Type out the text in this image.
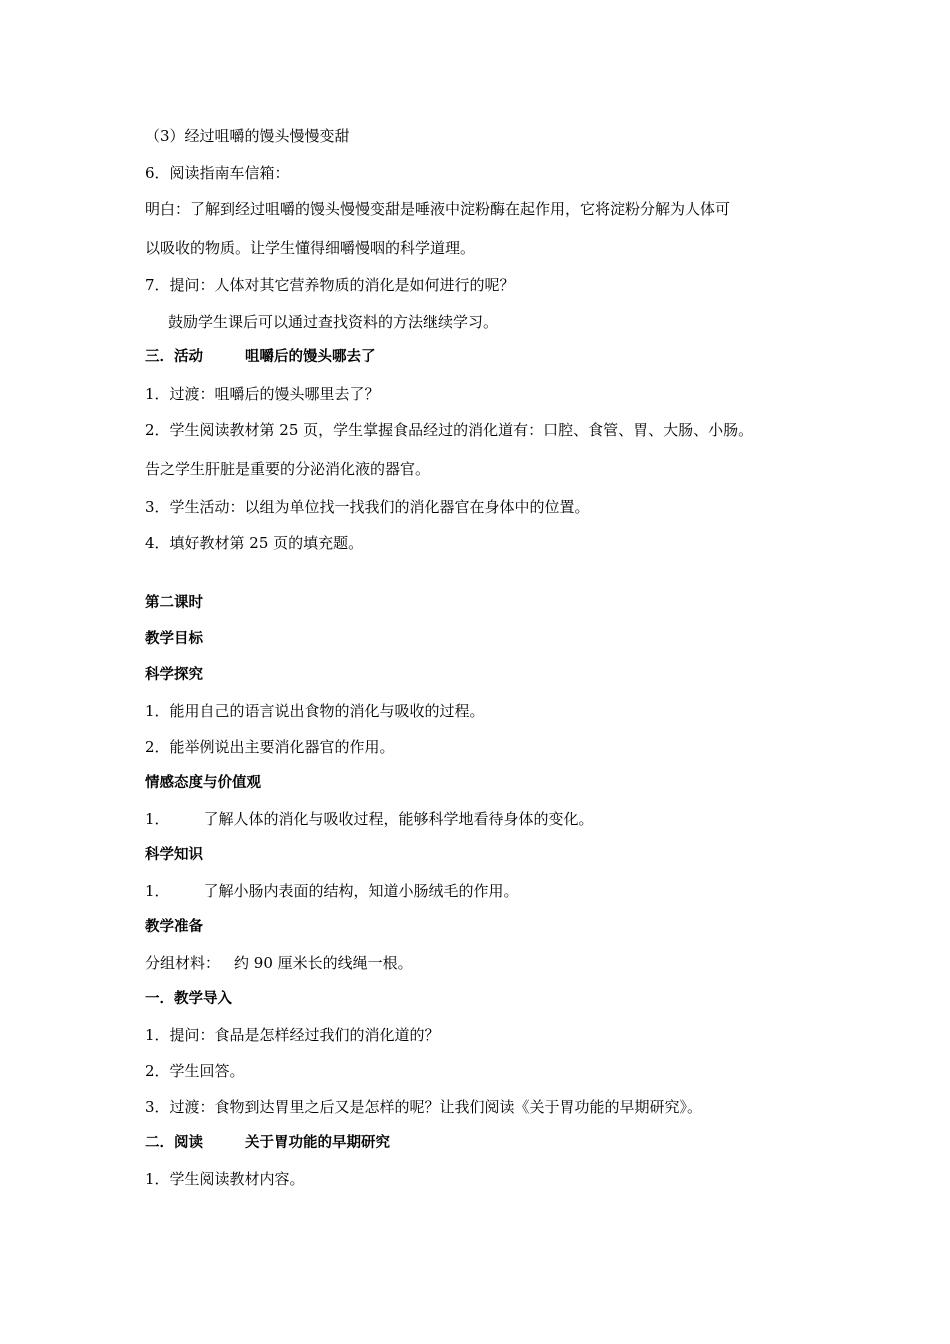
（3）经过咀嚼的馒头慢慢变甜
6．阅读指南车信箱：
明白：了解到经过咀嚼的馒头慢慢变甜是唾液中淀粉酶在起作用，它将淀粉分解为人体可
以吸收的物质。让学生懂得细嚼慢咽的科学道理。
7．提问：人体对其它营养物质的消化是如何进行的呢？
鼓励学生课后可以通过查找资料的方法继续学习。
三．活动	咀嚼后的馒头哪去了
1．过渡：咀嚼后的馒头哪里去了？
2．学生阅读教材第 25 页，学生掌握食品经过的消化道有：口腔、食管、胃、大肠、小肠。
告之学生肝脏是重要的分泌消化液的器官。
3．学生活动：以组为单位找一找我们的消化器官在身体中的位置。
4．填好教材第 25 页的填充题。
第二课时
教学目标
科学探究
1．能用自己的语言说出食物的消化与吸收的过程。
2．能举例说出主要消化器官的作用。
情感态度与价值观
1． 了解人体的消化与吸收过程，能够科学地看待身体的变化。
科学知识
1． 了解小肠内表面的结构，知道小肠绒毛的作用。
教学准备
分组材料： 约 90 厘米长的线绳一根。
一．教学导入
1．提问：食品是怎样经过我们的消化道的？
2．学生回答。
3．过渡：食物到达胃里之后又是怎样的呢？让我们阅读《关于胃功能的早期研究》。
二．阅读	关于胃功能的早期研究
1．学生阅读教材内容。
